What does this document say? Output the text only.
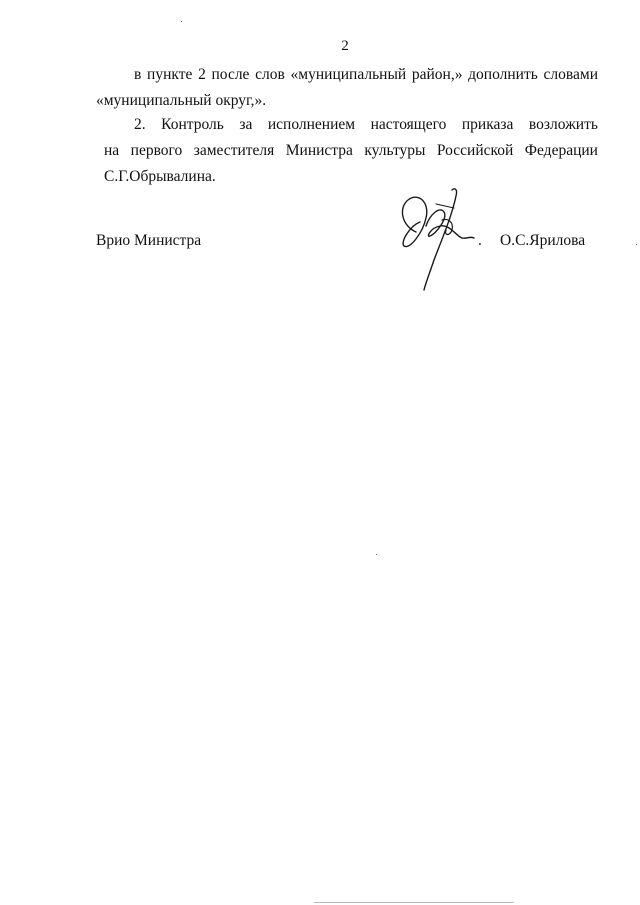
2
в пункте 2 после слов «муниципальный район,» дополнить словами
«муниципальный округ,».
2. Контроль за исполнением настоящего приказа возложить
на первого заместителя Министра культуры Российской Федерации
С.Г.Обрывалина.
Врио Министра	. О.С.Ярилова
